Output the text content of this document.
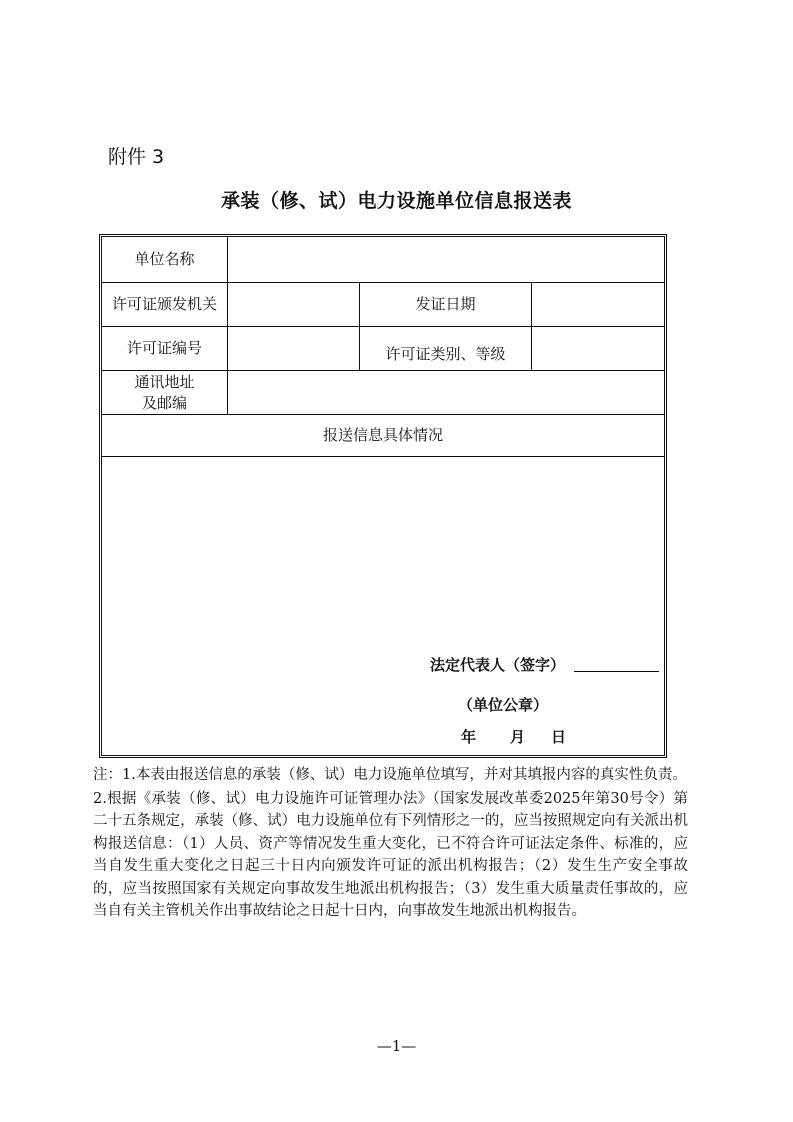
附件 3
承装（修、试）电力设施单位信息报送表
单位名称
许可证颁发机关	发证日期
许可证编号	许可证类别、等级
通讯地址
及邮编
报送信息具体情况
法定代表人（签字）
（单位公章）
年 月 日

注：1.本表由报送信息的承装（修、试）电力设施单位填写，并对其填报内容的真实性负责。

2.根据《承装（修、试）电力设施许可证管理办法》（国家发展改革委2025年第30号令）第二十五条规定，承装（修、试）电力设施单位有下列情形之一的，应当按照规定向有关派出机构报送信息：（1）人员、资产等情况发生重大变化，已不符合许可证法定条件、标准的，应当自发生重大变化之日起三十日内向颁发许可证的派出机构报告；（2）发生生产安全事故的，应当按照国家有关规定向事故发生地派出机构报告；（3）发生重大质量责任事故的，应当自有关主管机关作出事故结论之日起十日内，向事故发生地派出机构报告。

—1—
